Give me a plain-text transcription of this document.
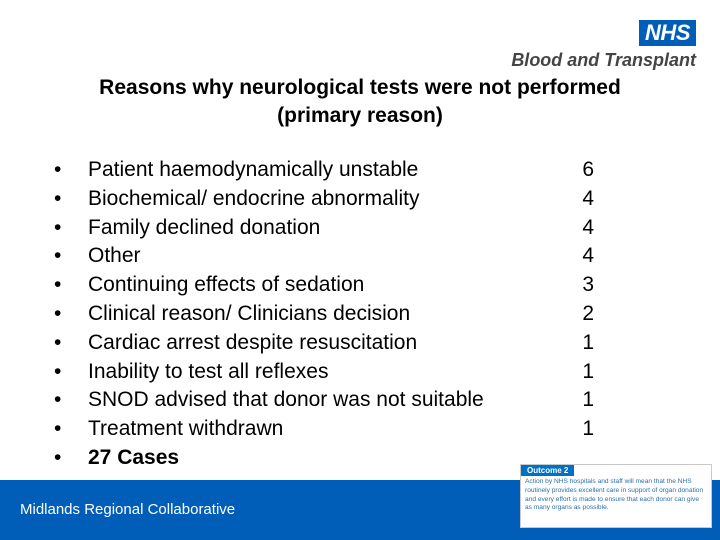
NHS
Blood and Transplant
Reasons why neurological tests were not performed
(primary reason)
• Patient haemodynamically unstable	6
• Biochemical/ endocrine abnormality	4
• Family declined donation	4
• Other	4
• Continuing effects of sedation	3
• Clinical reason/ Clinicians decision	2
• Cardiac arrest despite resuscitation	1
• Inability to test all reflexes	1
• SNOD advised that donor was not suitable	1
• Treatment withdrawn	1
• 27 Cases
Midlands Regional Collaborative
Outcome 2
Action by NHS hospitals and staff will mean that the NHS routinely provides excellent care in support of organ donation and every effort is made to ensure that each donor can give as many organs as possible.
